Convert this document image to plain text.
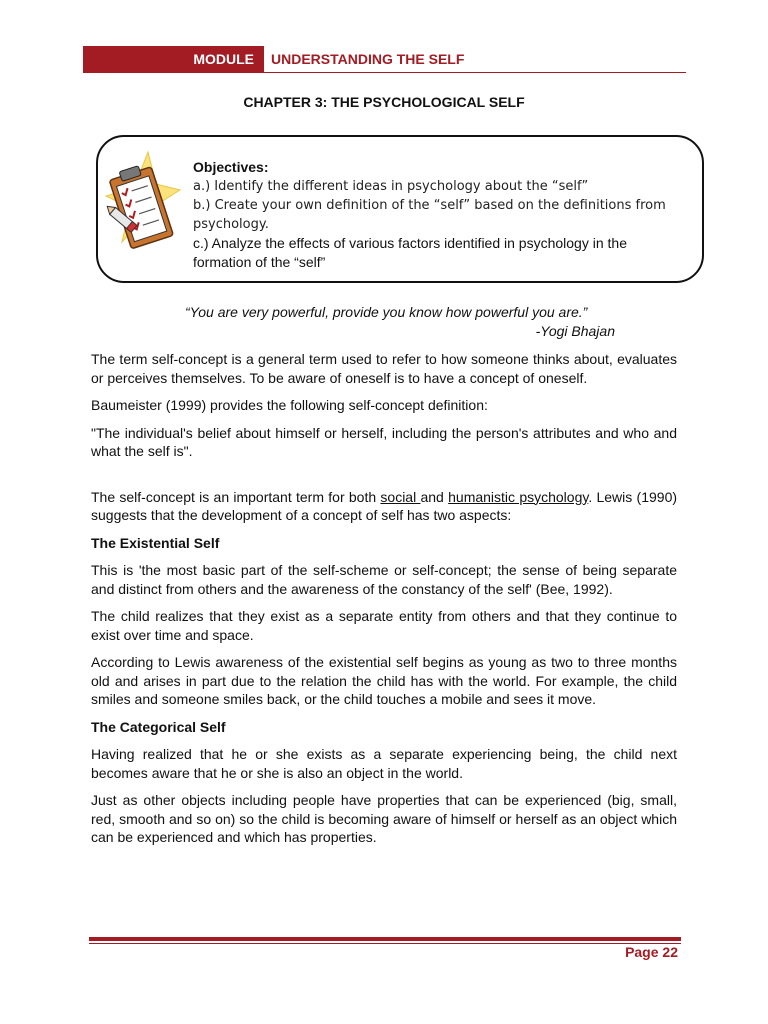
MODULE	UNDERSTANDING THE SELF
CHAPTER 3: THE PSYCHOLOGICAL SELF

Objectives:

a.) Identify the different ideas in psychology about the “self”

b.) Create your own definition of the “self” based on the definitions from psychology.

c.) Analyze the effects of various factors identified in psychology in the formation of the “self”

“You are very powerful, provide you know how powerful you are.”
-Yogi Bhajan

The term self-concept is a general term used to refer to how someone thinks about, evaluates or perceives themselves. To be aware of oneself is to have a concept of oneself.

Baumeister (1999) provides the following self-concept definition:

"The individual's belief about himself or herself, including the person's attributes and who and what the self is".

The self-concept is an important term for both social and humanistic psychology. Lewis (1990) suggests that the development of a concept of self has two aspects:

The Existential Self

This is 'the most basic part of the self-scheme or self-concept; the sense of being separate and distinct from others and the awareness of the constancy of the self' (Bee, 1992).

The child realizes that they exist as a separate entity from others and that they continue to exist over time and space.

According to Lewis awareness of the existential self begins as young as two to three months old and arises in part due to the relation the child has with the world. For example, the child smiles and someone smiles back, or the child touches a mobile and sees it move.

The Categorical Self

Having realized that he or she exists as a separate experiencing being, the child next becomes aware that he or she is also an object in the world.

Just as other objects including people have properties that can be experienced (big, small, red, smooth and so on) so the child is becoming aware of himself or herself as an object which can be experienced and which has properties.

Page 22
